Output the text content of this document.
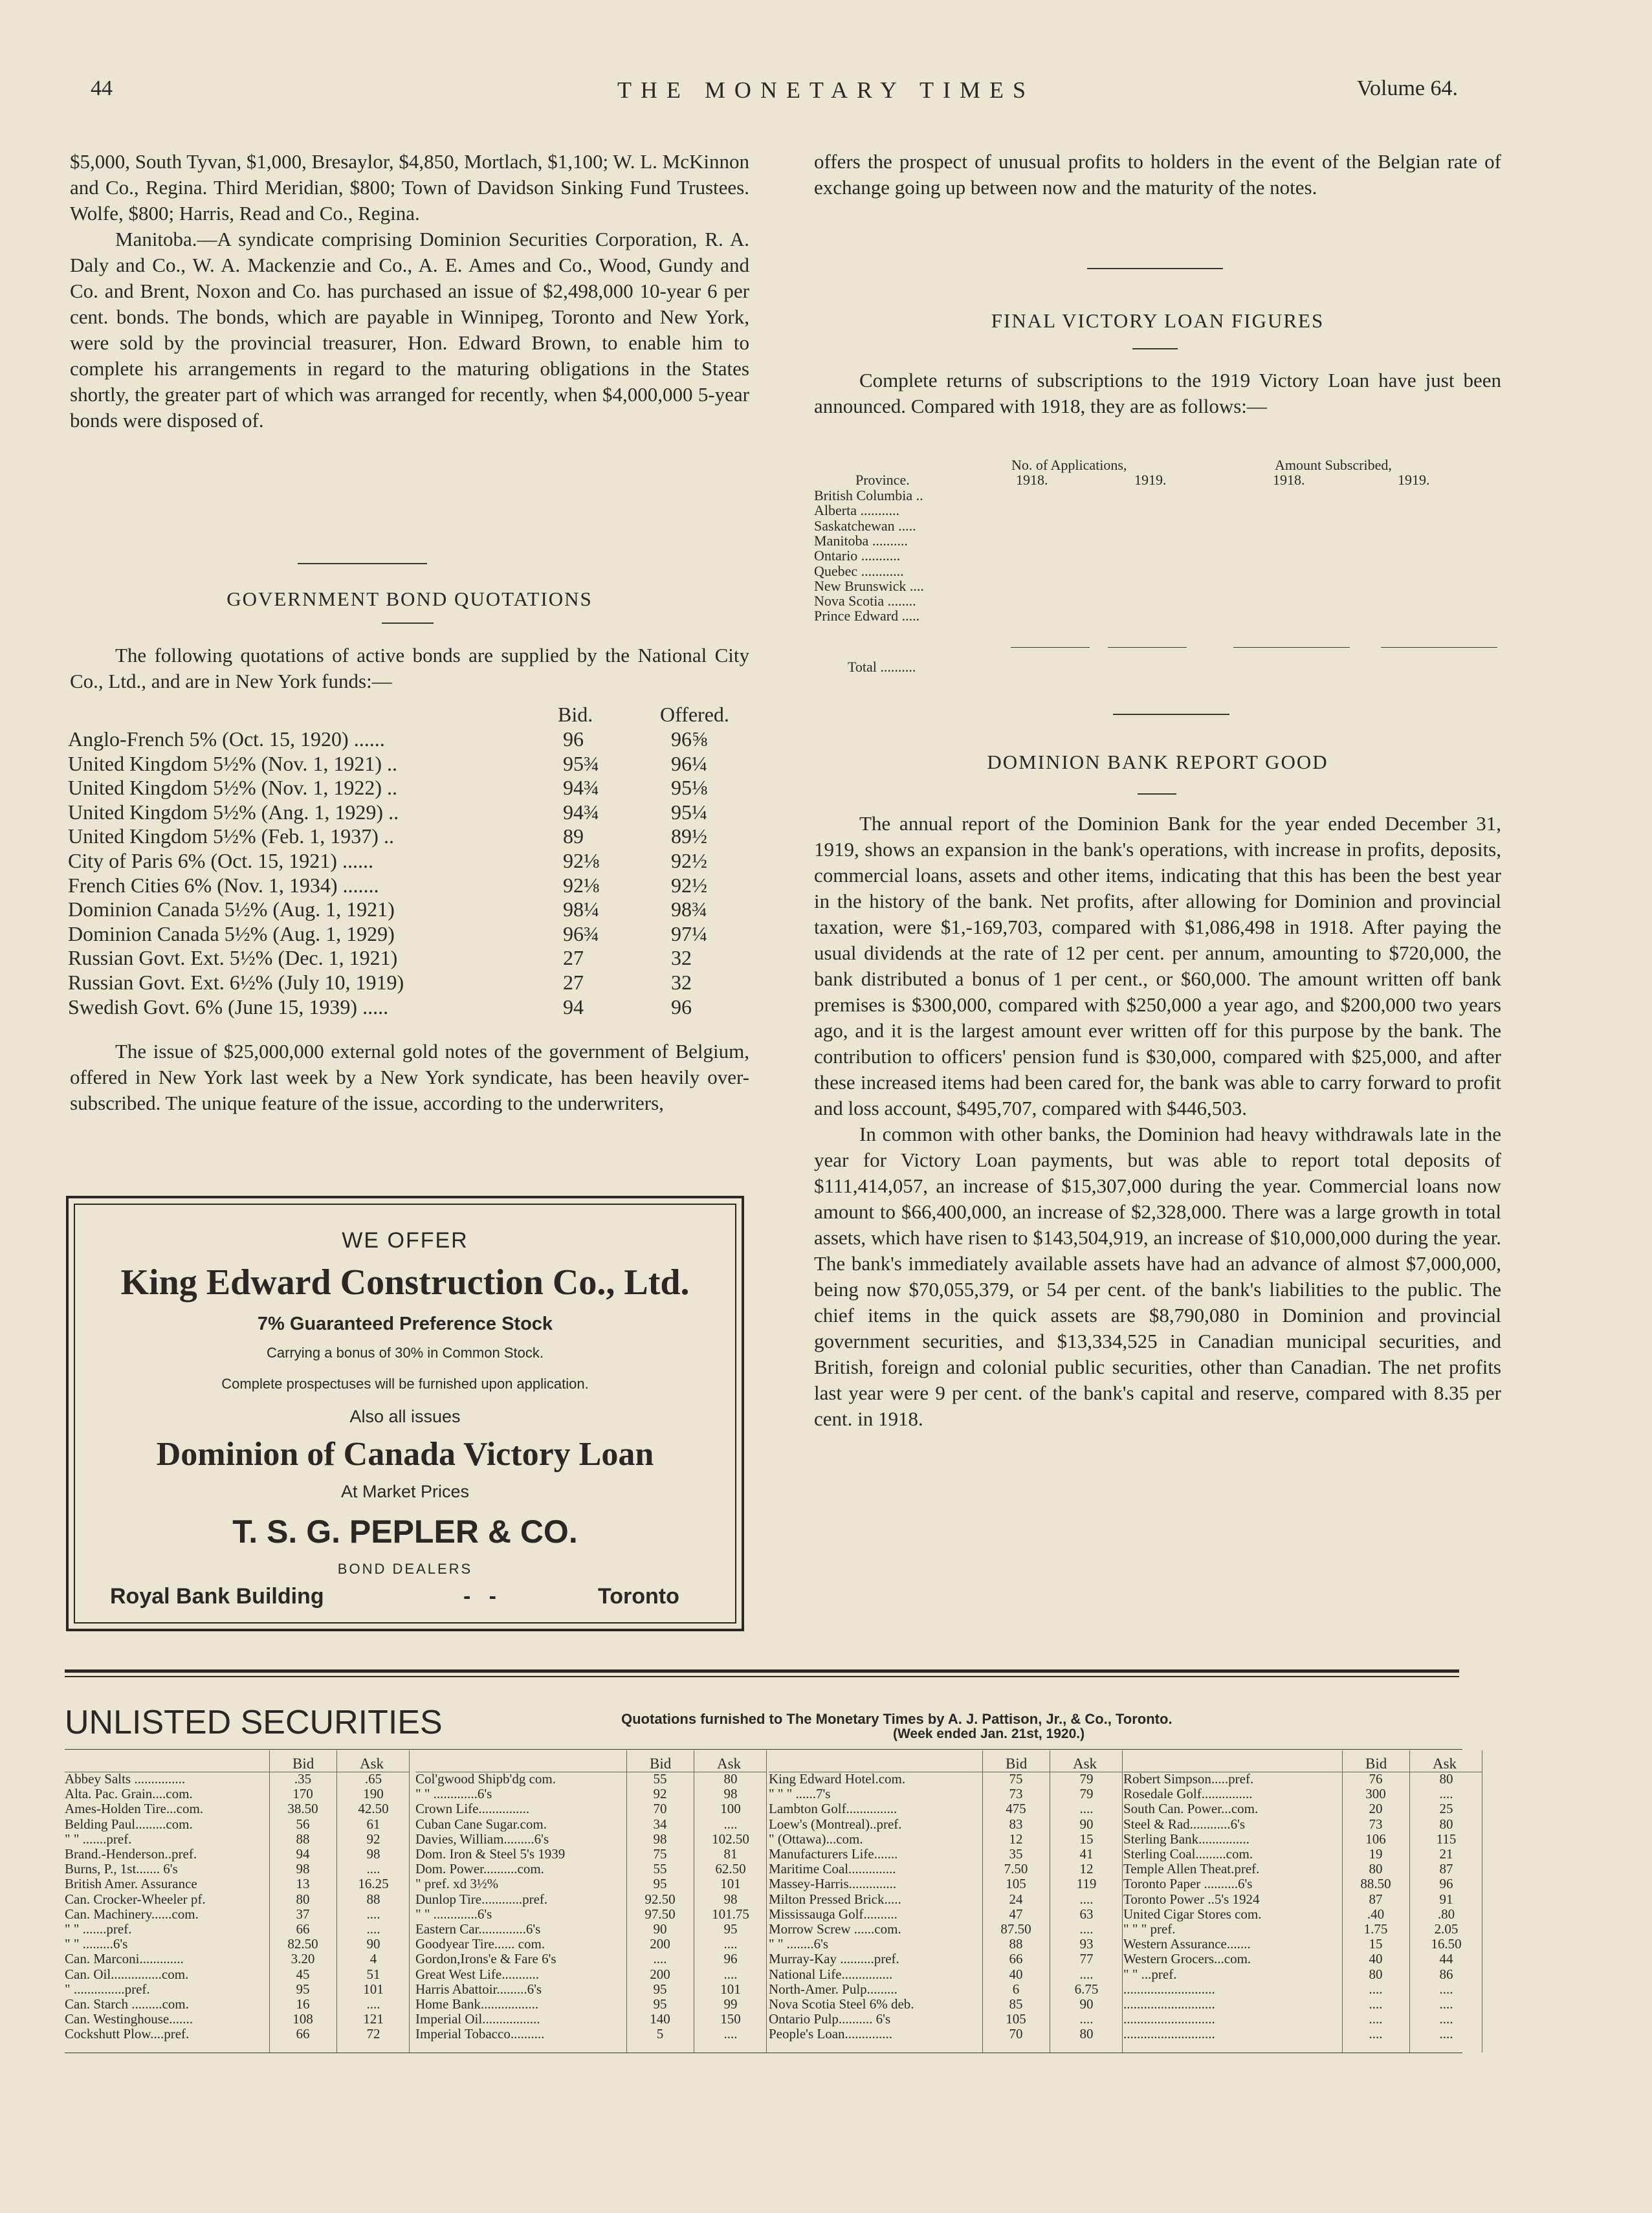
44	THE MONETARY TIMES	Volume 64.

$5,000, South Tyvan, $1,000, Bresaylor, $4,850, Mortlach, $1,100; W. L. McKinnon and Co., Regina. Third Meridian, $800; Town of Davidson Sinking Fund Trustees. Wolfe, $800; Harris, Read and Co., Regina.

Manitoba.—A syndicate comprising Dominion Securities Corporation, R. A. Daly and Co., W. A. Mackenzie and Co., A. E. Ames and Co., Wood, Gundy and Co. and Brent, Noxon and Co. has purchased an issue of $2,498,000 10-year 6 per cent. bonds. The bonds, which are payable in Winnipeg, Toronto and New York, were sold by the provincial treasurer, Hon. Edward Brown, to enable him to complete his arrangements in regard to the maturing obligations in the States shortly, the greater part of which was arranged for recently, when $4,000,000 5-year bonds were disposed of.

GOVERNMENT BOND QUOTATIONS

The following quotations of active bonds are supplied by the National City Co., Ltd., and are in New York funds:—

Bid.	Offered.
Anglo-French 5% (Oct. 15, 1920) ......	96	96⅝
United Kingdom 5½% (Nov. 1, 1921) ..	95¾	96¼
United Kingdom 5½% (Nov. 1, 1922) ..	94¾	95⅛
United Kingdom 5½% (Ang. 1, 1929) ..	94¾	95¼
United Kingdom 5½% (Feb. 1, 1937) ..	89	89½
City of Paris 6% (Oct. 15, 1921) ......	92⅛	92½
French Cities 6% (Nov. 1, 1934) .......	92⅛	92½
Dominion Canada 5½% (Aug. 1, 1921)	98¼	98¾
Dominion Canada 5½% (Aug. 1, 1929)	96¾	97¼
Russian Govt. Ext. 5½% (Dec. 1, 1921)	27	32
Russian Govt. Ext. 6½% (July 10, 1919)	27	32
Swedish Govt. 6% (June 15, 1939) .....	94	96

The issue of $25,000,000 external gold notes of the government of Belgium, offered in New York last week by a New York syndicate, has been heavily over-subscribed. The unique feature of the issue, according to the underwriters,

WE OFFER
King Edward Construction Co., Ltd.
7% Guaranteed Preference Stock
Carrying a bonus of 30% in Common Stock.
Complete prospectuses will be furnished upon application.
Also all issues
Dominion of Canada Victory Loan
At Market Prices
T. S. G. PEPLER & CO.
BOND DEALERS
Royal Bank Building	-   -	Toronto

offers the prospect of unusual profits to holders in the event of the Belgian rate of exchange going up between now and the maturity of the notes.

FINAL VICTORY LOAN FIGURES

Complete returns of subscriptions to the 1919 Victory Loan have just been announced. Compared with 1918, they are as follows:—

No. of Applications,	Amount Subscribed,
Province.	1918.	1919.	1918.	1919.
British Columbia ..
Alberta ...........
Saskatchewan .....
Manitoba ..........
Ontario ...........
Quebec ............
New Brunswick ....
Nova Scotia ........
Prince Edward .....
Total ..........
DOMINION BANK REPORT GOOD

The annual report of the Dominion Bank for the year ended December 31, 1919, shows an expansion in the bank's operations, with increase in profits, deposits, commercial loans, assets and other items, indicating that this has been the best year in the history of the bank. Net profits, after allowing for Dominion and provincial taxation, were $1,-169,703, compared with $1,086,498 in 1918. After paying the usual dividends at the rate of 12 per cent. per annum, amounting to $720,000, the bank distributed a bonus of 1 per cent., or $60,000. The amount written off bank premises is $300,000, compared with $250,000 a year ago, and $200,000 two years ago, and it is the largest amount ever written off for this purpose by the bank. The contribution to officers' pension fund is $30,000, compared with $25,000, and after these increased items had been cared for, the bank was able to carry forward to profit and loss account, $495,707, compared with $446,503.

In common with other banks, the Dominion had heavy withdrawals late in the year for Victory Loan payments, but was able to report total deposits of $111,414,057, an increase of $15,307,000 during the year. Commercial loans now amount to $66,400,000, an increase of $2,328,000. There was a large growth in total assets, which have risen to $143,504,919, an increase of $10,000,000 during the year. The bank's immediately available assets have had an advance of almost $7,000,000, being now $70,055,379, or 54 per cent. of the bank's liabilities to the public. The chief items in the quick assets are $8,790,080 in Dominion and provincial government securities, and $13,334,525 in Canadian municipal securities, and British, foreign and colonial public securities, other than Canadian. The net profits last year were 9 per cent. of the bank's capital and reserve, compared with 8.35 per cent. in 1918.

UNLISTED SECURITIES	Quotations furnished to The Monetary Times by A. J. Pattison, Jr., & Co., Toronto.
(Week ended Jan. 21st, 1920.)
Bid	Ask
Abbey Salts ...............	.35	.65
Alta. Pac. Grain....com.	170	190
Ames-Holden Tire...com.	38.50	42.50
Belding Paul.........com.	56	61
" " .......pref.	88	92
Brand.-Henderson..pref.	94	98
Burns, P., 1st....... 6's	98	....
British Amer. Assurance	13	16.25
Can. Crocker-Wheeler pf.	80	88
Can. Machinery......com.	37	....
" " .......pref.	66	....
" " .........6's	82.50	90
Can. Marconi.............	3.20	4
Can. Oil...............com.	45	51
" ...............pref.	95	101
Can. Starch .........com.	16	....
Can. Westinghouse.......	108	121
Cockshutt Plow....pref.	66	72
Bid	Ask
Col'gwood Shipb'dg com.	55	80
" " .............6's	92	98
Crown Life...............	70	100
Cuban Cane Sugar.com.	34	....
Davies, William.........6's	98	102.50
Dom. Iron & Steel 5's 1939	75	81
Dom. Power..........com.	55	62.50
" pref. xd 3½%	95	101
Dunlop Tire............pref.	92.50	98
" " .............6's	97.50	101.75
Eastern Car..............6's	90	95
Goodyear Tire...... com.	200	....
Gordon,Irons'e & Fare 6's	....	96
Great West Life...........	200	....
Harris Abattoir.........6's	95	101
Home Bank.................	95	99
Imperial Oil.................	140	150
Imperial Tobacco..........	5	....
Bid	Ask
King Edward Hotel.com.	75	79
" " " ......7's	73	79
Lambton Golf...............	475	....
Loew's (Montreal)..pref.	83	90
" (Ottawa)...com.	12	15
Manufacturers Life.......	35	41
Maritime Coal..............	7.50	12
Massey-Harris..............	105	119
Milton Pressed Brick.....	24	....
Mississauga Golf..........	47	63
Morrow Screw ......com.	87.50	....
" " ........6's	88	93
Murray-Kay ..........pref.	66	77
National Life...............	40	....
North-Amer. Pulp.........	6	6.75
Nova Scotia Steel 6% deb.	85	90
Ontario Pulp.......... 6's	105	....
People's Loan..............	70	80
Bid	Ask
Robert Simpson.....pref.	76	80
Rosedale Golf...............	300	....
South Can. Power...com.	20	25
Steel & Rad............6's	73	80
Sterling Bank...............	106	115
Sterling Coal.........com.	19	21
Temple Allen Theat.pref.	80	87
Toronto Paper ..........6's	88.50	96
Toronto Power ..5's 1924	87	91
United Cigar Stores com.	.40	.80
" " " pref.	1.75	2.05
Western Assurance.......	15	16.50
Western Grocers...com.	40	44
" " ...pref.	80	86
...........................	....	....
...........................	....	....
...........................	....	....
...........................	....	....
